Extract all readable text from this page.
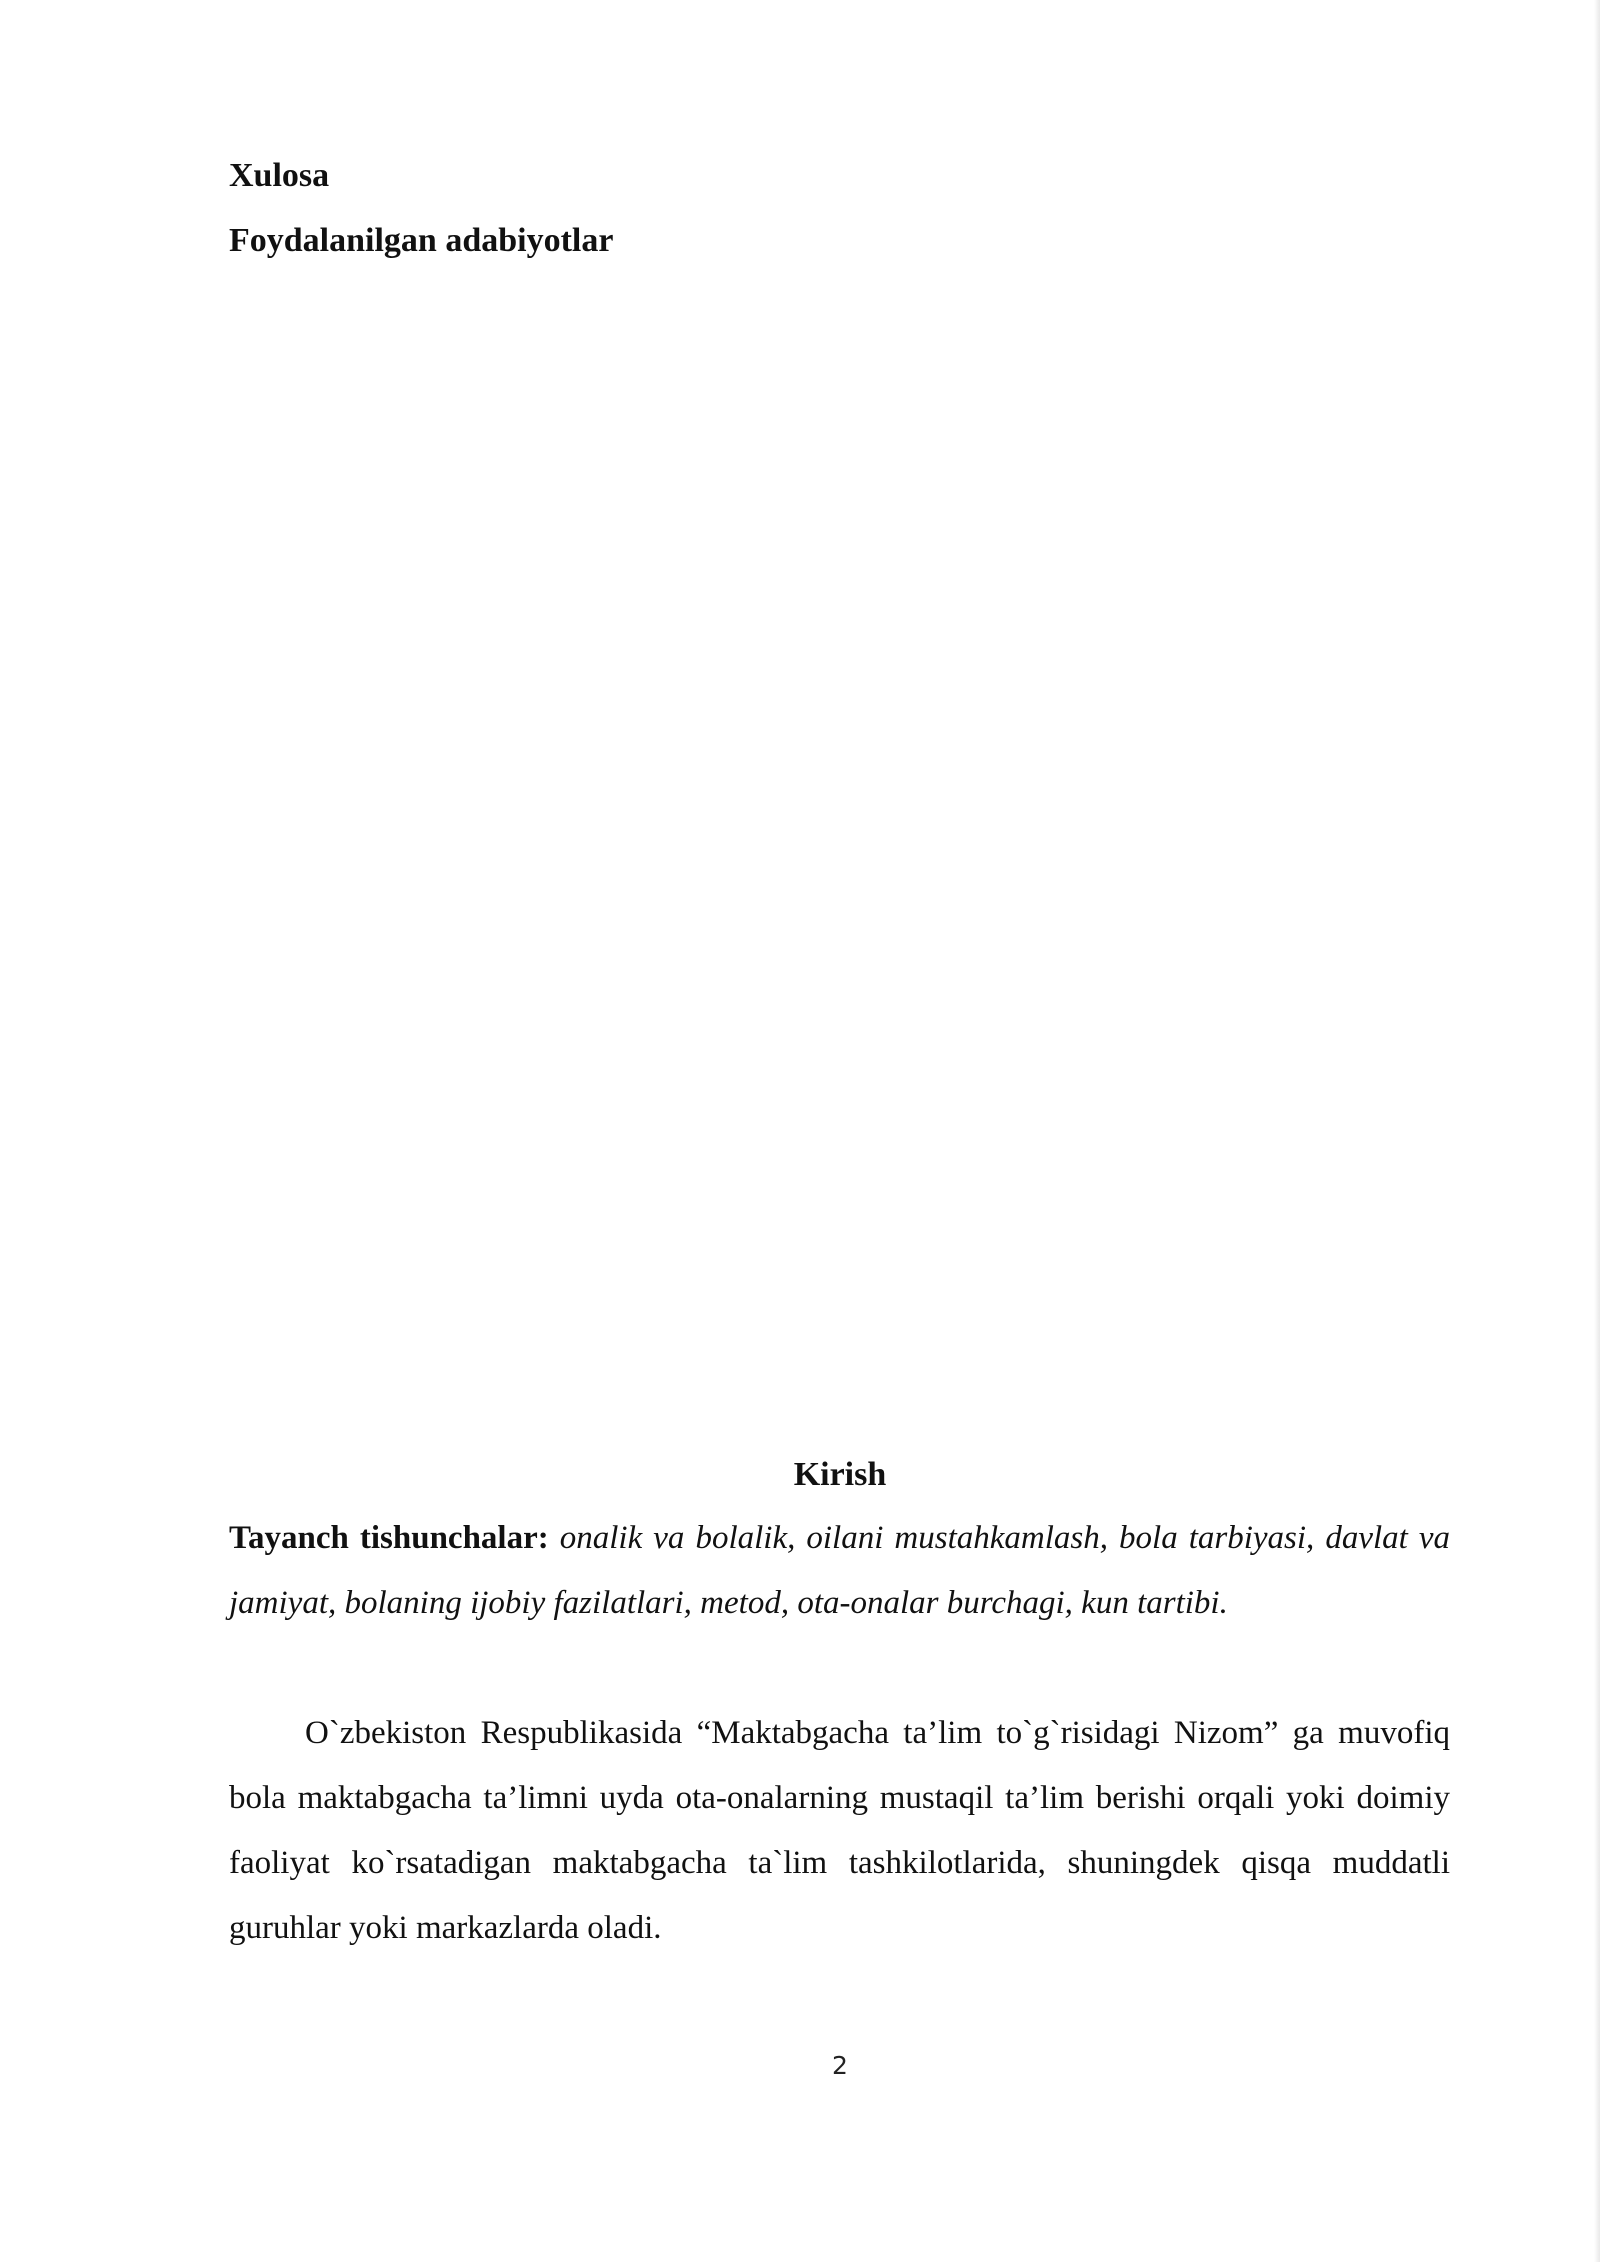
Xulosa
Foydalanilgan adabiyotlar
Kirish

Tayanch tishunchalar: onalik va bolalik, oilani mustahkamlash, bola tarbiyasi, davlat va jamiyat, bolaning ijobiy fazilatlari, metod, ota-onalar burchagi, kun tartibi.

O`zbekiston Respublikasida “Maktabgacha ta’lim to`g`risidagi Nizom” ga muvofiq bola maktabgacha ta’limni uyda ota-onalarning mustaqil ta’lim berishi orqali yoki doimiy faoliyat ko`rsatadigan maktabgacha ta`lim tashkilotlarida, shuningdek qisqa muddatli guruhlar yoki markazlarda oladi.

2
